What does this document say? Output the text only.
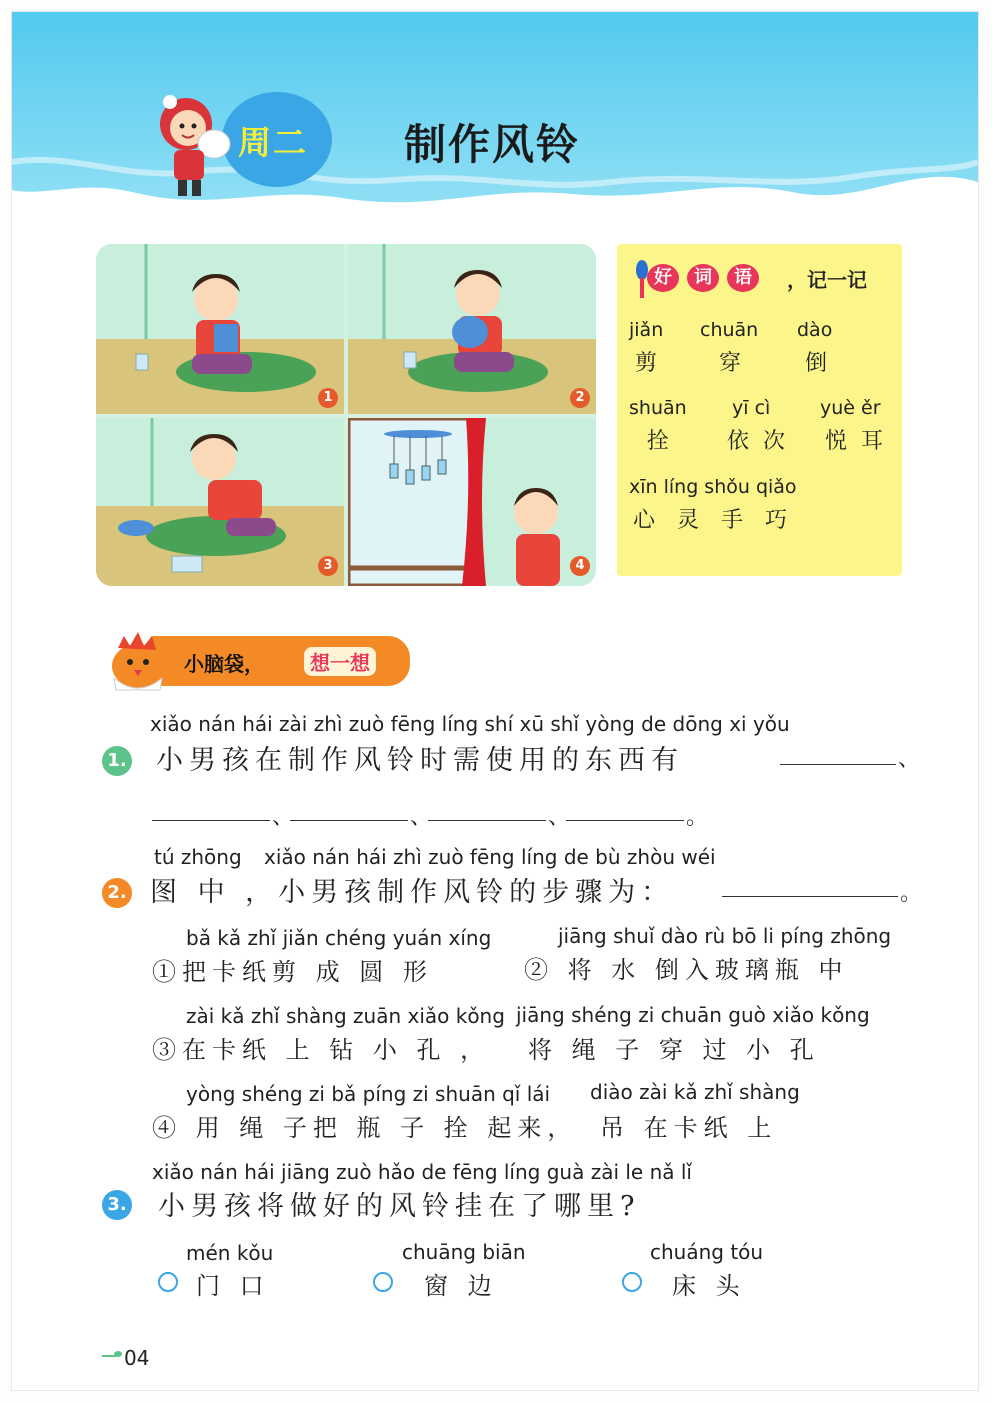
周二 制作风铃
1	2
3	4
好	词	语	，记一记
jiǎn chuān dào
剪 穿 倒
shuān yī cì	yuè ěr
拴 依次 悦耳
xīn líng shǒu qiǎo
心灵手巧
小脑袋，	想一想
1.
xiǎo nán hái zài zhì zuò fēng líng shí xū shǐ yòng de dōng xi yǒu
小男孩在制作风铃时需使用的东西有	、
、	、	、	。
2.
tú zhōng xiǎo nán hái zhì zuò fēng líng de bù zhòu wéi
图 中 ，小男孩制作风铃的步骤为：	。
bǎ kǎ zhǐ jiǎn chéng yuán xíng
①把卡纸剪 成 圆 形
jiāng shuǐ dào rù bō li píng zhōng
② 将 水 倒入玻璃瓶 中
zài kǎ zhǐ shàng zuān xiǎo kǒng
③在卡纸 上 钻 小 孔 ，
jiāng shéng zi chuān guò xiǎo kǒng
将 绳 子 穿 过 小 孔
yòng shéng zi bǎ píng zi shuān qǐ lái
④ 用 绳 子把 瓶 子 拴 起来，
diào zài kǎ zhǐ shàng
吊 在卡纸 上
3.
xiǎo nán hái jiāng zuò hǎo de fēng líng guà zài le nǎ lǐ
小男孩将做好的风铃挂在了哪里?
mén kǒu
门 口
chuāng biān
窗 边
chuáng tóu
床 头
04
